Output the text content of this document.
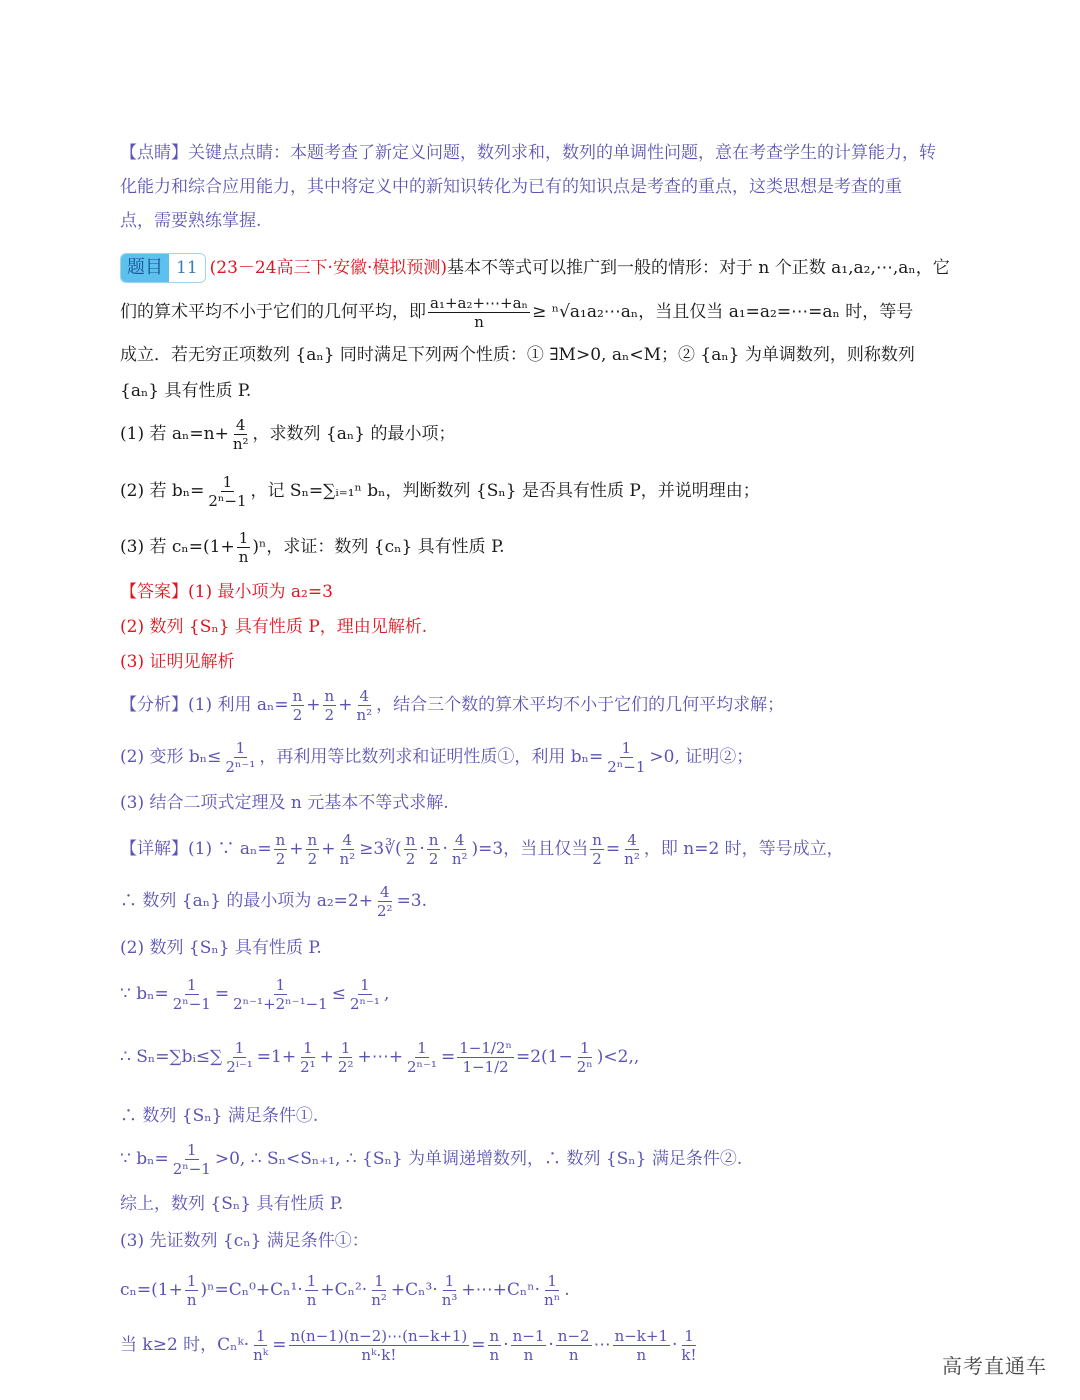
【点睛】关键点点睛：本题考查了新定义问题，数列求和，数列的单调性问题，意在考查学生的计算能力，转
化能力和综合应用能力，其中将定义中的新知识转化为已有的知识点是考查的重点，这类思想是考查的重
点，需要熟练掌握.
题目 11 (23－24高三下·安徽·模拟预测) 基本不等式可以推广到一般的情形：对于 n 个正数 a₁,a₂,⋯,aₙ，它
们的算术平均不小于它们的几何平均，即 $\frac{\text{a₁+a₂+⋯+aₙ}}{n}$ ≥ ⁿ√a₁a₂⋯aₙ，当且仅当 a₁=a₂=⋯=aₙ 时，等号
成立．若无穷正项数列 {aₙ} 同时满足下列两个性质：① ∃M>0, aₙ<M；② {aₙ} 为单调数列，则称数列
{aₙ} 具有性质 P.
(1) 若 $a_n=n+ \frac{4}{\text{n²}}$ ，求数列 {aₙ} 的最小项；
(2) 若 $b_n= \frac{1}{\text{2ⁿ−1}}$ ，记 Sₙ=∑ᵢ₌₁ⁿ bₙ，判断数列 {Sₙ} 是否具有性质 P，并说明理由；
(3) 若 $c_n=(1+ \frac{1}{n} )^n$，求证：数列 {cₙ} 具有性质 P.
【答案】(1) 最小项为 a₂=3
(2) 数列 {Sₙ} 具有性质 P，理由见解析.
(3) 证明见解析
【分析】(1) 利用 $a_n= \frac{n}{2} + \frac{n}{2} + \frac{4}{\text{n²}}$ ，结合三个数的算术平均不小于它们的几何平均求解；
(2) 变形 $b_n\le \frac{1}{\text{2ⁿ⁻¹}}$ ，再利用等比数列求和证明性质①，利用 $b_n= \frac{1}{\text{2ⁿ−1}} >0$, 证明②；
(3) 结合二项式定理及 n 元基本不等式求解.
【详解】(1) ∵ $a_n= \frac{n}{2} + \frac{n}{2} + \frac{4}{\text{n²}}$ ≥3∛( $\frac{n}{2} \cdot \frac{n}{2} \cdot \frac{4}{\text{n²}} )=3$，当且仅当 $\frac{n}{2} = \frac{4}{\text{n²}}$ ，即 n=2 时，等号成立，
∴ 数列 {aₙ} 的最小项为 $a_2=2+ \frac{4}{\text{2²}} =3$.
(2) 数列 {Sₙ} 具有性质 P.
∵ $b_n= \frac{1}{\text{2ⁿ−1}} = \frac{1}{\text{2ⁿ⁻¹+2ⁿ⁻¹−1}} \le \frac{1}{\text{2ⁿ⁻¹}}$ ,
∴ Sₙ=∑bᵢ≤∑ $\frac{1}{\text{2ⁱ⁻¹}} =1+ \frac{1}{\text{2¹}} + \frac{1}{\text{2²}}$ +⋯+ $\frac{1}{\text{2ⁿ⁻¹}} = \frac{\text{1−1/2ⁿ}}{1-1/2} =2(1- \frac{1}{\text{2ⁿ}} )<2$,,
∴ 数列 {Sₙ} 满足条件①.
∵ $b_n= \frac{1}{\text{2ⁿ−1}} >0$, ∴ Sₙ<Sₙ₊₁, ∴ {Sₙ} 为单调递增数列，∴ 数列 {Sₙ} 满足条件②.
综上，数列 {Sₙ} 具有性质 P.
(3) 先证数列 {cₙ} 满足条件①：
$c_n=(1+ \frac{1}{n} )^n=C_n^0+C_n^1\cdot \frac{1}{n} +C_n^2\cdot \frac{1}{\text{n²}} +C_n^3\cdot \frac{1}{\text{n³}}$ +⋯+Cₙⁿ· $\frac{1}{\text{nⁿ}}$ .
当 k≥2 时，Cₙᵏ· $\frac{1}{\text{nᵏ}} = \frac{n(n-1)(n-2)\cdots(n-k+1)}{\text{nᵏ·k!}} = \frac{n}{n} \cdot \frac{n-1}{n} \cdot \frac{n-2}{n}$ ⋯ $\frac{n-k+1}{n} \cdot \frac{1}{k!}$
高考直通车
